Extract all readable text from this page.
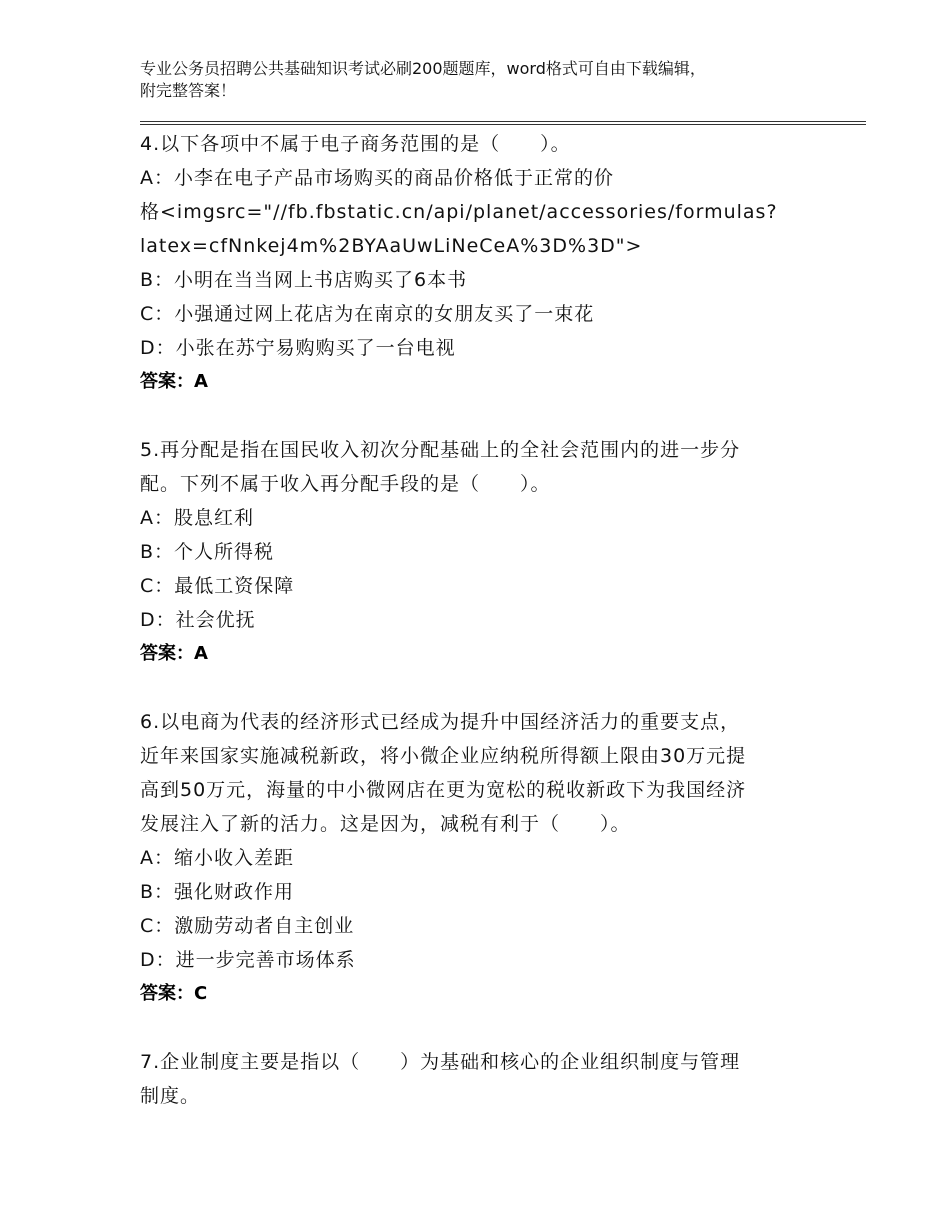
专业公务员招聘公共基础知识考试必刷200题题库，word格式可自由下载编辑，
附完整答案！
4.以下各项中不属于电子商务范围的是（　　）。
A：小李在电子产品市场购买的商品价格低于正常的价
格<imgsrc="//fb.fbstatic.cn/api/planet/accessories/formulas?
latex=cfNnkej4m%2BYAaUwLiNeCeA%3D%3D">
B：小明在当当网上书店购买了6本书
C：小强通过网上花店为在南京的女朋友买了一束花
D：小张在苏宁易购购买了一台电视
答案：A
5.再分配是指在国民收入初次分配基础上的全社会范围内的进一步分
配。下列不属于收入再分配手段的是（　　）。
A：股息红利
B：个人所得税
C：最低工资保障
D：社会优抚
答案：A
6.以电商为代表的经济形式已经成为提升中国经济活力的重要支点，
近年来国家实施减税新政，将小微企业应纳税所得额上限由30万元提
高到50万元，海量的中小微网店在更为宽松的税收新政下为我国经济
发展注入了新的活力。这是因为，减税有利于（　　）。
A：缩小收入差距
B：强化财政作用
C：激励劳动者自主创业
D：进一步完善市场体系
答案：C
7.企业制度主要是指以（　　）为基础和核心的企业组织制度与管理
制度。
